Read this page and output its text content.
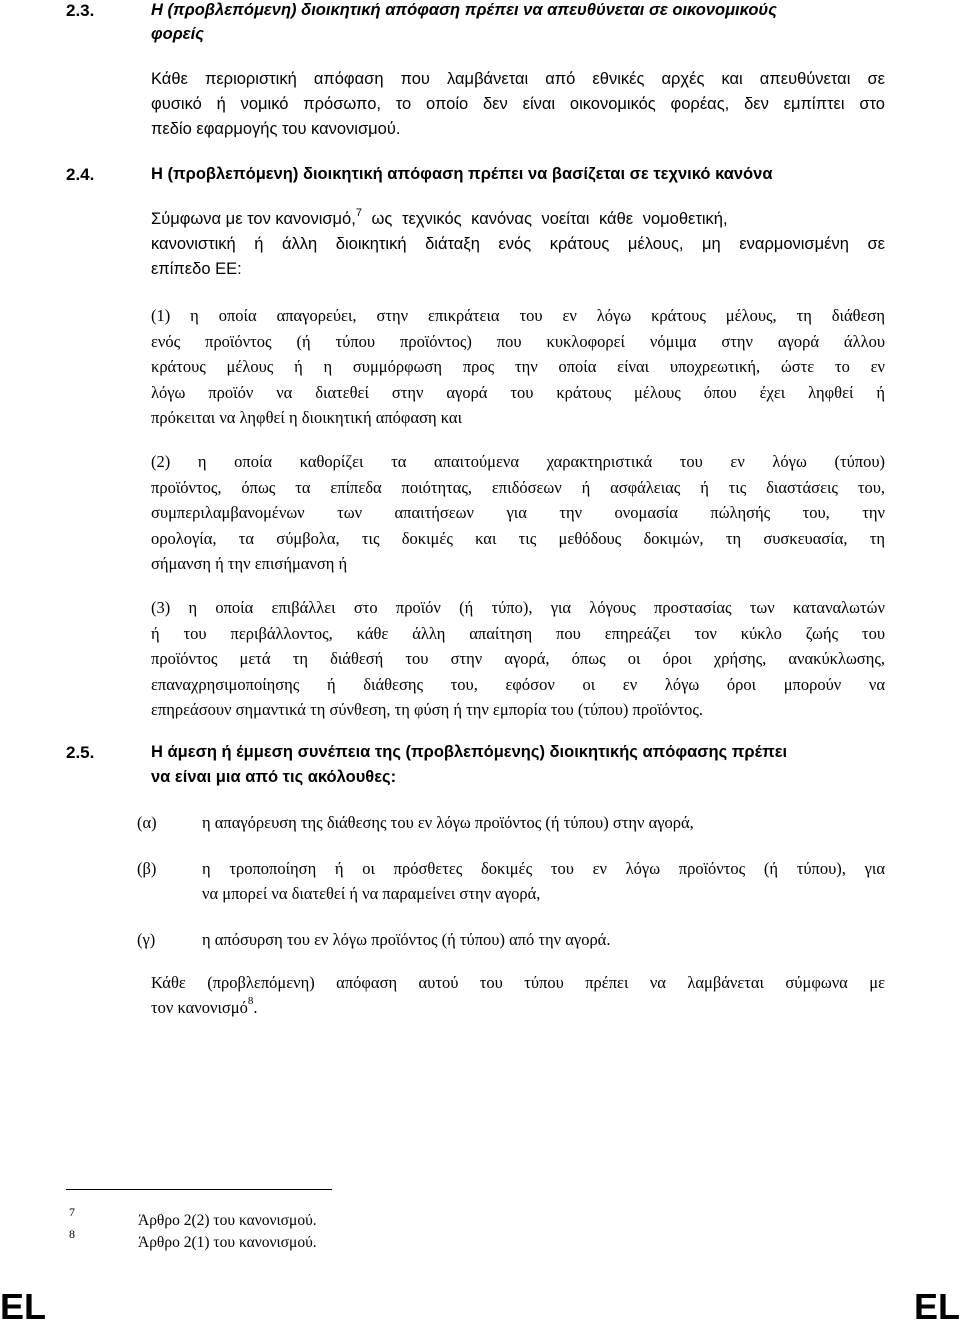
2.3.	Η (προβλεπόμενη) διοικητική απόφαση πρέπει να απευθύνεται σε οικονομικούς
φορείς
Κάθε περιοριστική απόφαση που λαμβάνεται από εθνικές αρχές και απευθύνεται σε
φυσικό ή νομικό πρόσωπο, το οποίο δεν είναι οικονομικός φορέας, δεν εμπίπτει στο
πεδίο εφαρμογής του κανονισμού.
2.4.	Η (προβλεπόμενη) διοικητική απόφαση πρέπει να βασίζεται σε τεχνικό κανόνα
Σύμφωνα με τον κανονισμό,$^7$ ως τεχνικός κανόνας νοείται κάθε νομοθετική,
κανονιστική ή άλλη διοικητική διάταξη ενός κράτους μέλους, μη εναρμονισμένη σε
επίπεδο ΕΕ:
(1) η οποία απαγορεύει, στην επικράτεια του εν λόγω κράτους μέλους, τη διάθεση
ενός προϊόντος (ή τύπου προϊόντος) που κυκλοφορεί νόμιμα στην αγορά άλλου
κράτους μέλους ή η συμμόρφωση προς την οποία είναι υποχρεωτική, ώστε το εν
λόγω προϊόν να διατεθεί στην αγορά του κράτους μέλους όπου έχει ληφθεί ή
πρόκειται να ληφθεί η διοικητική απόφαση και
(2) η οποία καθορίζει τα απαιτούμενα χαρακτηριστικά του εν λόγω (τύπου)
προϊόντος, όπως τα επίπεδα ποιότητας, επιδόσεων ή ασφάλειας ή τις διαστάσεις του,
συμπεριλαμβανομένων των απαιτήσεων για την ονομασία πώλησής του, την
ορολογία, τα σύμβολα, τις δοκιμές και τις μεθόδους δοκιμών, τη συσκευασία, τη
σήμανση ή την επισήμανση ή
(3) η οποία επιβάλλει στο προϊόν (ή τύπο), για λόγους προστασίας των καταναλωτών
ή του περιβάλλοντος, κάθε άλλη απαίτηση που επηρεάζει τον κύκλο ζωής του
προϊόντος μετά τη διάθεσή του στην αγορά, όπως οι όροι χρήσης, ανακύκλωσης,
επαναχρησιμοποίησης ή διάθεσης του, εφόσον οι εν λόγω όροι μπορούν να
επηρεάσουν σημαντικά τη σύνθεση, τη φύση ή την εμπορία του (τύπου) προϊόντος.
2.5.	Η άμεση ή έμμεση συνέπεια της (προβλεπόμενης) διοικητικής απόφασης πρέπει
να είναι μια από τις ακόλουθες:
(α)	η απαγόρευση της διάθεσης του εν λόγω προϊόντος (ή τύπου) στην αγορά,
(β)	η τροποποίηση ή οι πρόσθετες δοκιμές του εν λόγω προϊόντος (ή τύπου), για
να μπορεί να διατεθεί ή να παραμείνει στην αγορά,
(γ)	η απόσυρση του εν λόγω προϊόντος (ή τύπου) από την αγορά.
Κάθε (προβλεπόμενη) απόφαση αυτού του τύπου πρέπει να λαμβάνεται σύμφωνα με
τον κανονισμό$^8$.
7	Άρθρο 2(2) του κανονισμού.
8	Άρθρο 2(1) του κανονισμού.
EL	EL
